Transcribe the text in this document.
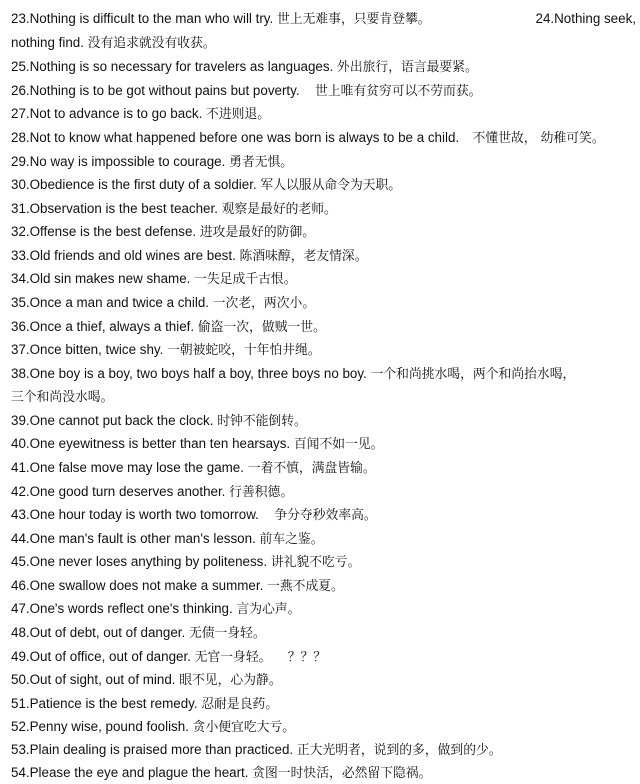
23.Nothing is difficult to the man who will try. 世上无难事，只要肯登攀。	24.Nothing seek,
nothing find. 没有追求就没有收获。
25.Nothing is so necessary for travelers as languages. 外出旅行，语言最要紧。
26.Nothing is to be got without pains but poverty. 世上唯有贫穷可以不劳而获。
27.Not to advance is to go back. 不进则退。
28.Not to know what happened before one was born is always to be a child. 不懂世故， 幼稚可笑。
29.No way is impossible to courage. 勇者无惧。
30.Obedience is the first duty of a soldier. 军人以服从命令为天职。
31.Observation is the best teacher. 观察是最好的老师。
32.Offense is the best defense. 进攻是最好的防御。
33.Old friends and old wines are best. 陈酒味醇，老友情深。
34.Old sin makes new shame. 一失足成千古恨。
35.Once a man and twice a child. 一次老，两次小。
36.Once a thief, always a thief. 偷盗一次，做贼一世。
37.Once bitten, twice shy. 一朝被蛇咬，十年怕井绳。
38.One boy is a boy, two boys half a boy, three boys no boy. 一个和尚挑水喝，两个和尚抬水喝，
三个和尚没水喝。
39.One cannot put back the clock. 时钟不能倒转。
40.One eyewitness is better than ten hearsays. 百闻不如一见。
41.One false move may lose the game. 一着不慎，满盘皆输。
42.One good turn deserves another. 行善积德。
43.One hour today is worth two tomorrow. 争分夺秒效率高。
44.One man's fault is other man's lesson. 前车之鉴。
45.One never loses anything by politeness. 讲礼貌不吃亏。
46.One swallow does not make a summer. 一燕不成夏。
47.One's words reflect one's thinking. 言为心声。
48.Out of debt, out of danger. 无债一身轻。
49.Out of office, out of danger. 无官一身轻。    ？？？
50.Out of sight, out of mind. 眼不见，心为静。
51.Patience is the best remedy. 忍耐是良药。
52.Penny wise, pound foolish. 贪小便宜吃大亏。
53.Plain dealing is praised more than practiced. 正大光明者，说到的多，做到的少。
54.Please the eye and plague the heart. 贪图一时快活，必然留下隐祸。
